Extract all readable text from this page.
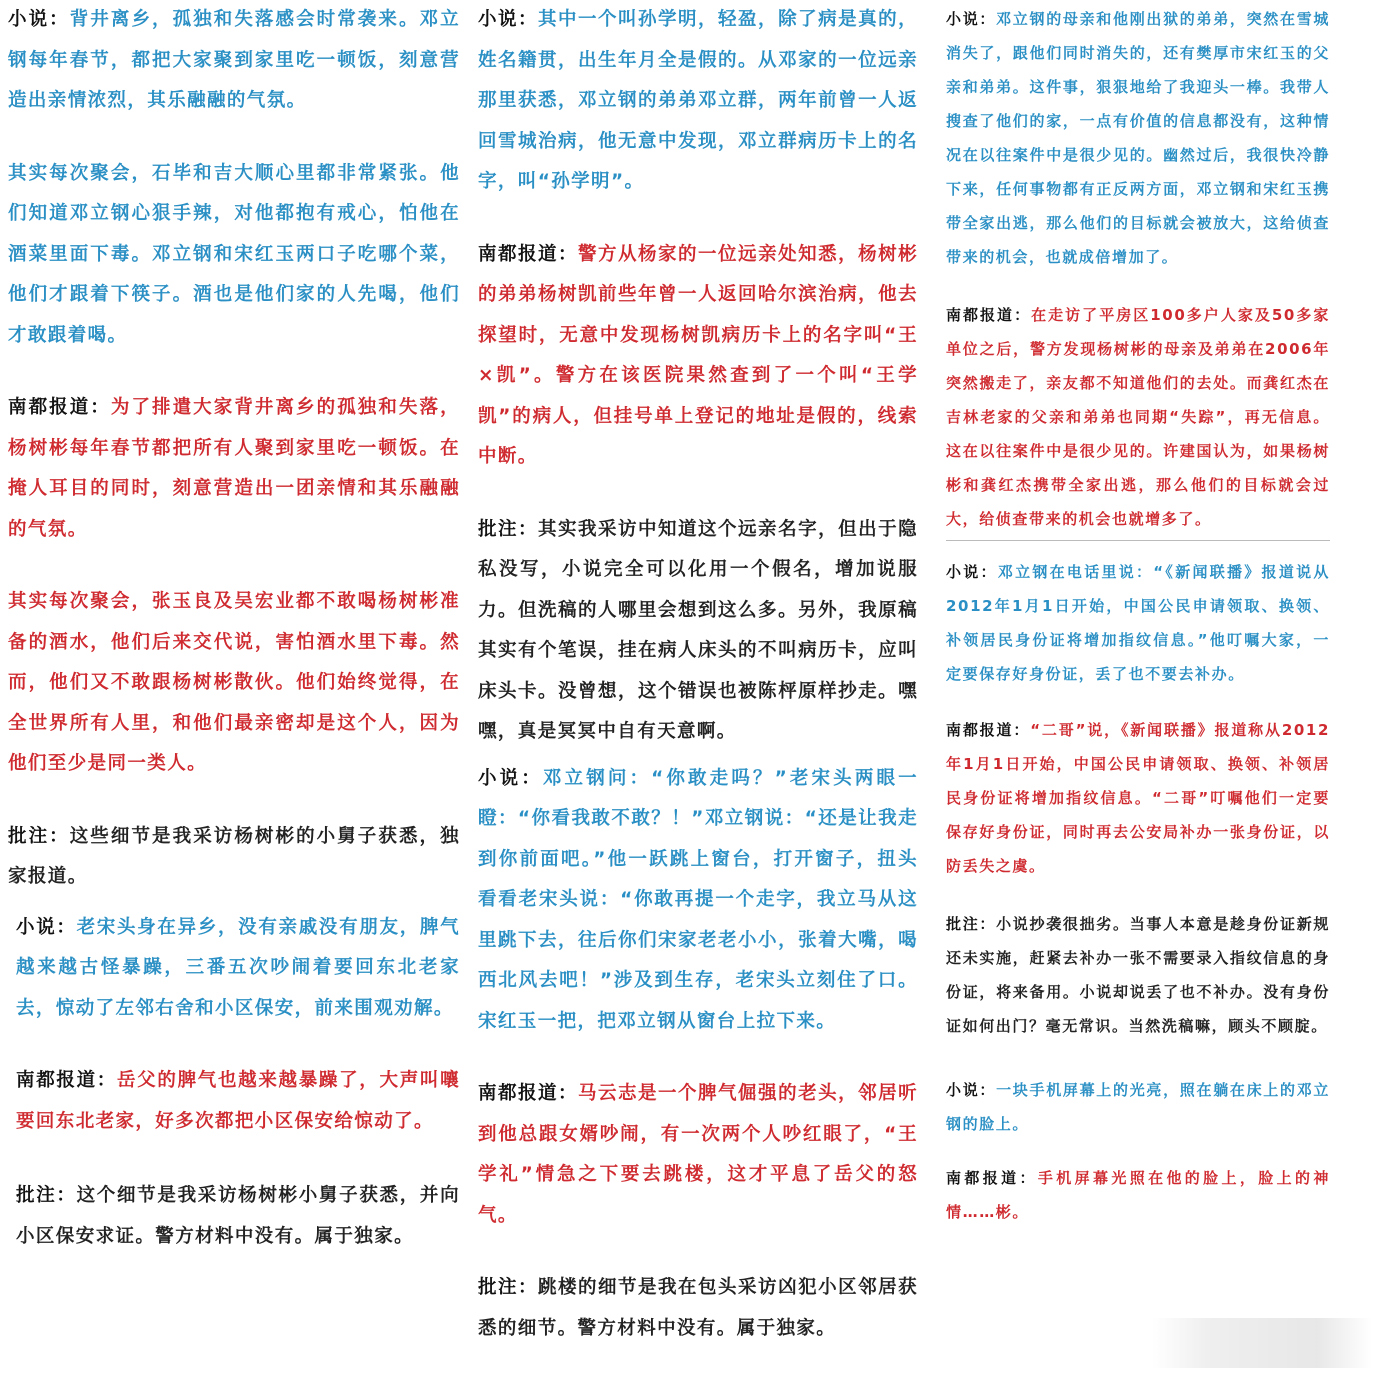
小说：背井离乡，孤独和失落感会时常袭来。邓立钢每年春节，都把大家聚到家里吃一顿饭，刻意营造出亲情浓烈，其乐融融的气氛。

其实每次聚会，石毕和吉大顺心里都非常紧张。他们知道邓立钢心狠手辣，对他都抱有戒心，怕他在酒菜里面下毒。邓立钢和宋红玉两口子吃哪个菜，他们才跟着下筷子。酒也是他们家的人先喝，他们才敢跟着喝。

南都报道：为了排遣大家背井离乡的孤独和失落，杨树彬每年春节都把所有人聚到家里吃一顿饭。在掩人耳目的同时，刻意营造出一团亲情和其乐融融的气氛。

其实每次聚会，张玉良及吴宏业都不敢喝杨树彬准备的酒水，他们后来交代说，害怕酒水里下毒。然而，他们又不敢跟杨树彬散伙。他们始终觉得，在全世界所有人里，和他们最亲密却是这个人，因为他们至少是同一类人。

批注：这些细节是我采访杨树彬的小舅子获悉，独家报道。

小说：老宋头身在异乡，没有亲戚没有朋友，脾气越来越古怪暴躁，三番五次吵闹着要回东北老家去，惊动了左邻右舍和小区保安，前来围观劝解。

南都报道：岳父的脾气也越来越暴躁了，大声叫嚷要回东北老家，好多次都把小区保安给惊动了。

批注：这个细节是我采访杨树彬小舅子获悉，并向小区保安求证。警方材料中没有。属于独家。

小说：其中一个叫孙学明，轻盈，除了病是真的，姓名籍贯，出生年月全是假的。从邓家的一位远亲那里获悉，邓立钢的弟弟邓立群，两年前曾一人返回雪城治病，他无意中发现，邓立群病历卡上的名字，叫“孙学明”。

南都报道：警方从杨家的一位远亲处知悉，杨树彬的弟弟杨树凯前些年曾一人返回哈尔滨治病，他去探望时，无意中发现杨树凯病历卡上的名字叫“王×凯”。警方在该医院果然查到了一个叫“王学凯”的病人，但挂号单上登记的地址是假的，线索中断。

批注：其实我采访中知道这个远亲名字，但出于隐私没写，小说完全可以化用一个假名，增加说服力。但洗稿的人哪里会想到这么多。另外，我原稿其实有个笔误，挂在病人床头的不叫病历卡，应叫床头卡。没曾想，这个错误也被陈枰原样抄走。嘿嘿，真是冥冥中自有天意啊。

小说：邓立钢问：“你敢走吗？”老宋头两眼一瞪：“你看我敢不敢？！”邓立钢说：“还是让我走到你前面吧。”他一跃跳上窗台，打开窗子，扭头看看老宋头说：“你敢再提一个走字，我立马从这里跳下去，往后你们宋家老老小小，张着大嘴，喝西北风去吧！”涉及到生存，老宋头立刻住了口。宋红玉一把，把邓立钢从窗台上拉下来。

南都报道：马云志是一个脾气倔强的老头，邻居听到他总跟女婿吵闹，有一次两个人吵红眼了，“王学礼”情急之下要去跳楼，这才平息了岳父的怒气。

批注：跳楼的细节是我在包头采访凶犯小区邻居获悉的细节。警方材料中没有。属于独家。

小说：邓立钢的母亲和他刚出狱的弟弟，突然在雪城消失了，跟他们同时消失的，还有樊厚市宋红玉的父亲和弟弟。这件事，狠狠地给了我迎头一棒。我带人搜查了他们的家，一点有价值的信息都没有，这种情况在以往案件中是很少见的。幽然过后，我很快冷静下来，任何事物都有正反两方面，邓立钢和宋红玉携带全家出逃，那么他们的目标就会被放大，这给侦查带来的机会，也就成倍增加了。

南都报道：在走访了平房区100多户人家及50多家单位之后，警方发现杨树彬的母亲及弟弟在2006年突然搬走了，亲友都不知道他们的去处。而龚红杰在吉林老家的父亲和弟弟也同期“失踪”，再无信息。这在以往案件中是很少见的。许建国认为，如果杨树彬和龚红杰携带全家出逃，那么他们的目标就会过大，给侦查带来的机会也就增多了。

小说：邓立钢在电话里说：“《新闻联播》报道说从2012年1月1日开始，中国公民申请领取、换领、补领居民身份证将增加指纹信息。”他叮嘱大家，一定要保存好身份证，丢了也不要去补办。

南都报道：“二哥”说，《新闻联播》报道称从2012年1月1日开始，中国公民申请领取、换领、补领居民身份证将增加指纹信息。“二哥”叮嘱他们一定要保存好身份证，同时再去公安局补办一张身份证，以防丢失之虞。

批注：小说抄袭很拙劣。当事人本意是趁身份证新规还未实施，赶紧去补办一张不需要录入指纹信息的身份证，将来备用。小说却说丢了也不补办。没有身份证如何出门？毫无常识。当然洗稿嘛，顾头不顾腚。

小说：一块手机屏幕上的光亮，照在躺在床上的邓立钢的脸上。

南都报道：手机屏幕光照在他的脸上，脸上的神情……彬。
